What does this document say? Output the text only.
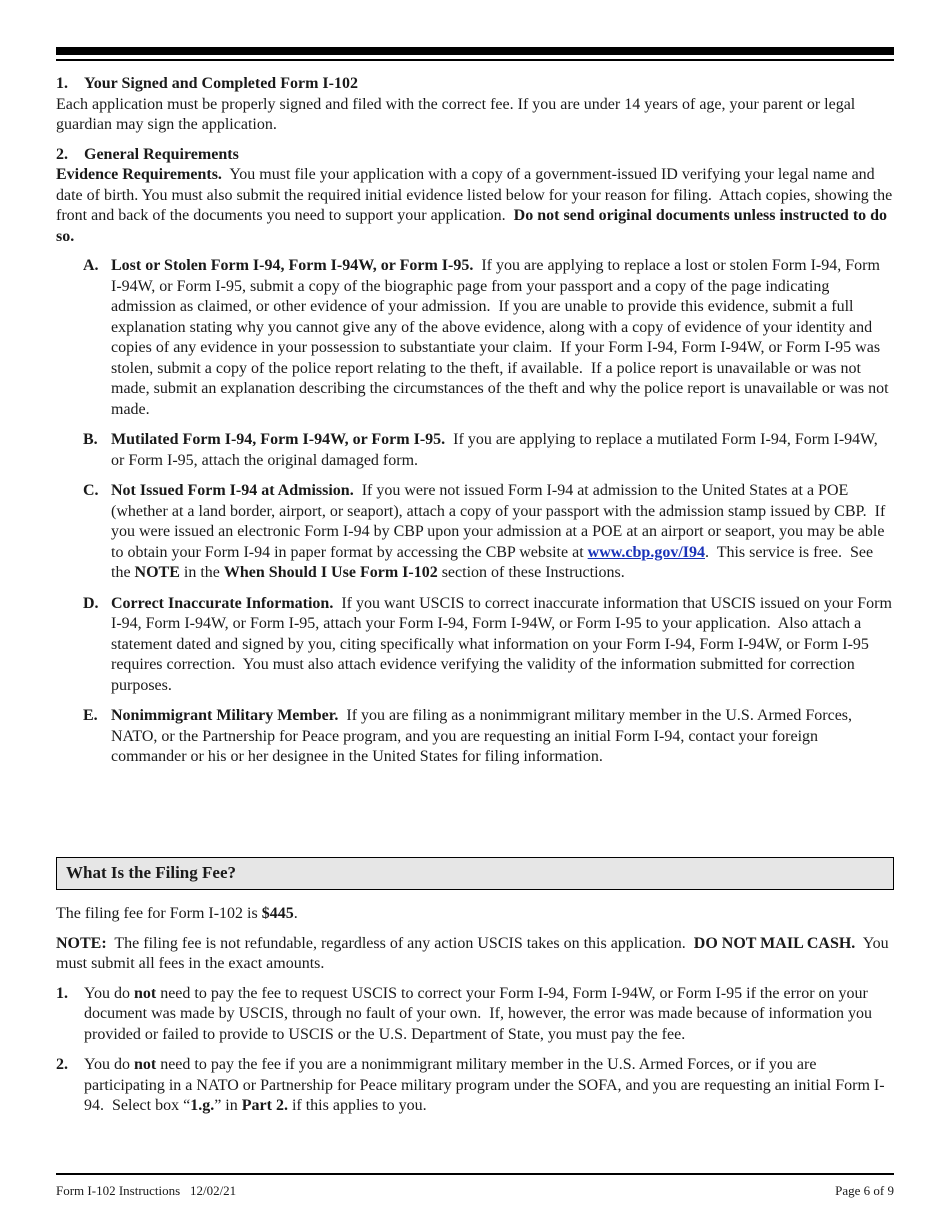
1. Your Signed and Completed Form I-102

Each application must be properly signed and filed with the correct fee. If you are under 14 years of age, your parent or legal guardian may sign the application.

2. General Requirements

Evidence Requirements.  You must file your application with a copy of a government-issued ID verifying your legal name and date of birth. You must also submit the required initial evidence listed below for your reason for filing.  Attach copies, showing the front and back of the documents you need to support your application.  Do not send original documents unless instructed to do so.

A. Lost or Stolen Form I-94, Form I-94W, or Form I-95.  If you are applying to replace a lost or stolen Form I-94, Form I-94W, or Form I-95, submit a copy of the biographic page from your passport and a copy of the page indicating admission as claimed, or other evidence of your admission.  If you are unable to provide this evidence, submit a full explanation stating why you cannot give any of the above evidence, along with a copy of evidence of your identity and copies of any evidence in your possession to substantiate your claim.  If your Form I-94, Form I-94W, or Form I-95 was stolen, submit a copy of the police report relating to the theft, if available.  If a police report is unavailable or was not made, submit an explanation describing the circumstances of the theft and why the police report is unavailable or was not made.
B. Mutilated Form I-94, Form I-94W, or Form I-95.  If you are applying to replace a mutilated Form I-94, Form I-94W, or Form I-95, attach the original damaged form.
C. Not Issued Form I-94 at Admission.  If you were not issued Form I-94 at admission to the United States at a POE (whether at a land border, airport, or seaport), attach a copy of your passport with the admission stamp issued by CBP.  If you were issued an electronic Form I-94 by CBP upon your admission at a POE at an airport or seaport, you may be able to obtain your Form I-94 in paper format by accessing the CBP website at www.cbp.gov/I94.  This service is free.  See the NOTE in the When Should I Use Form I-102 section of these Instructions.
D. Correct Inaccurate Information.  If you want USCIS to correct inaccurate information that USCIS issued on your Form I-94, Form I-94W, or Form I-95, attach your Form I-94, Form I-94W, or Form I-95 to your application.  Also attach a statement dated and signed by you, citing specifically what information on your Form I-94, Form I-94W, or Form I-95 requires correction.  You must also attach evidence verifying the validity of the information submitted for correction purposes.
E. Nonimmigrant Military Member.  If you are filing as a nonimmigrant military member in the U.S. Armed Forces, NATO, or the Partnership for Peace program, and you are requesting an initial Form I-94, contact your foreign commander or his or her designee in the United States for filing information.
What Is the Filing Fee?

The filing fee for Form I-102 is $445.

NOTE:  The filing fee is not refundable, regardless of any action USCIS takes on this application.  DO NOT MAIL CASH.  You must submit all fees in the exact amounts.

1. You do not need to pay the fee to request USCIS to correct your Form I-94, Form I-94W, or Form I-95 if the error on your document was made by USCIS, through no fault of your own.  If, however, the error was made because of information you provided or failed to provide to USCIS or the U.S. Department of State, you must pay the fee.
2. You do not need to pay the fee if you are a nonimmigrant military member in the U.S. Armed Forces, or if you are participating in a NATO or Partnership for Peace military program under the SOFA, and you are requesting an initial Form I-94.  Select box “1.g.” in Part 2. if this applies to you.
Form I-102 Instructions   12/02/21	Page 6 of 9
